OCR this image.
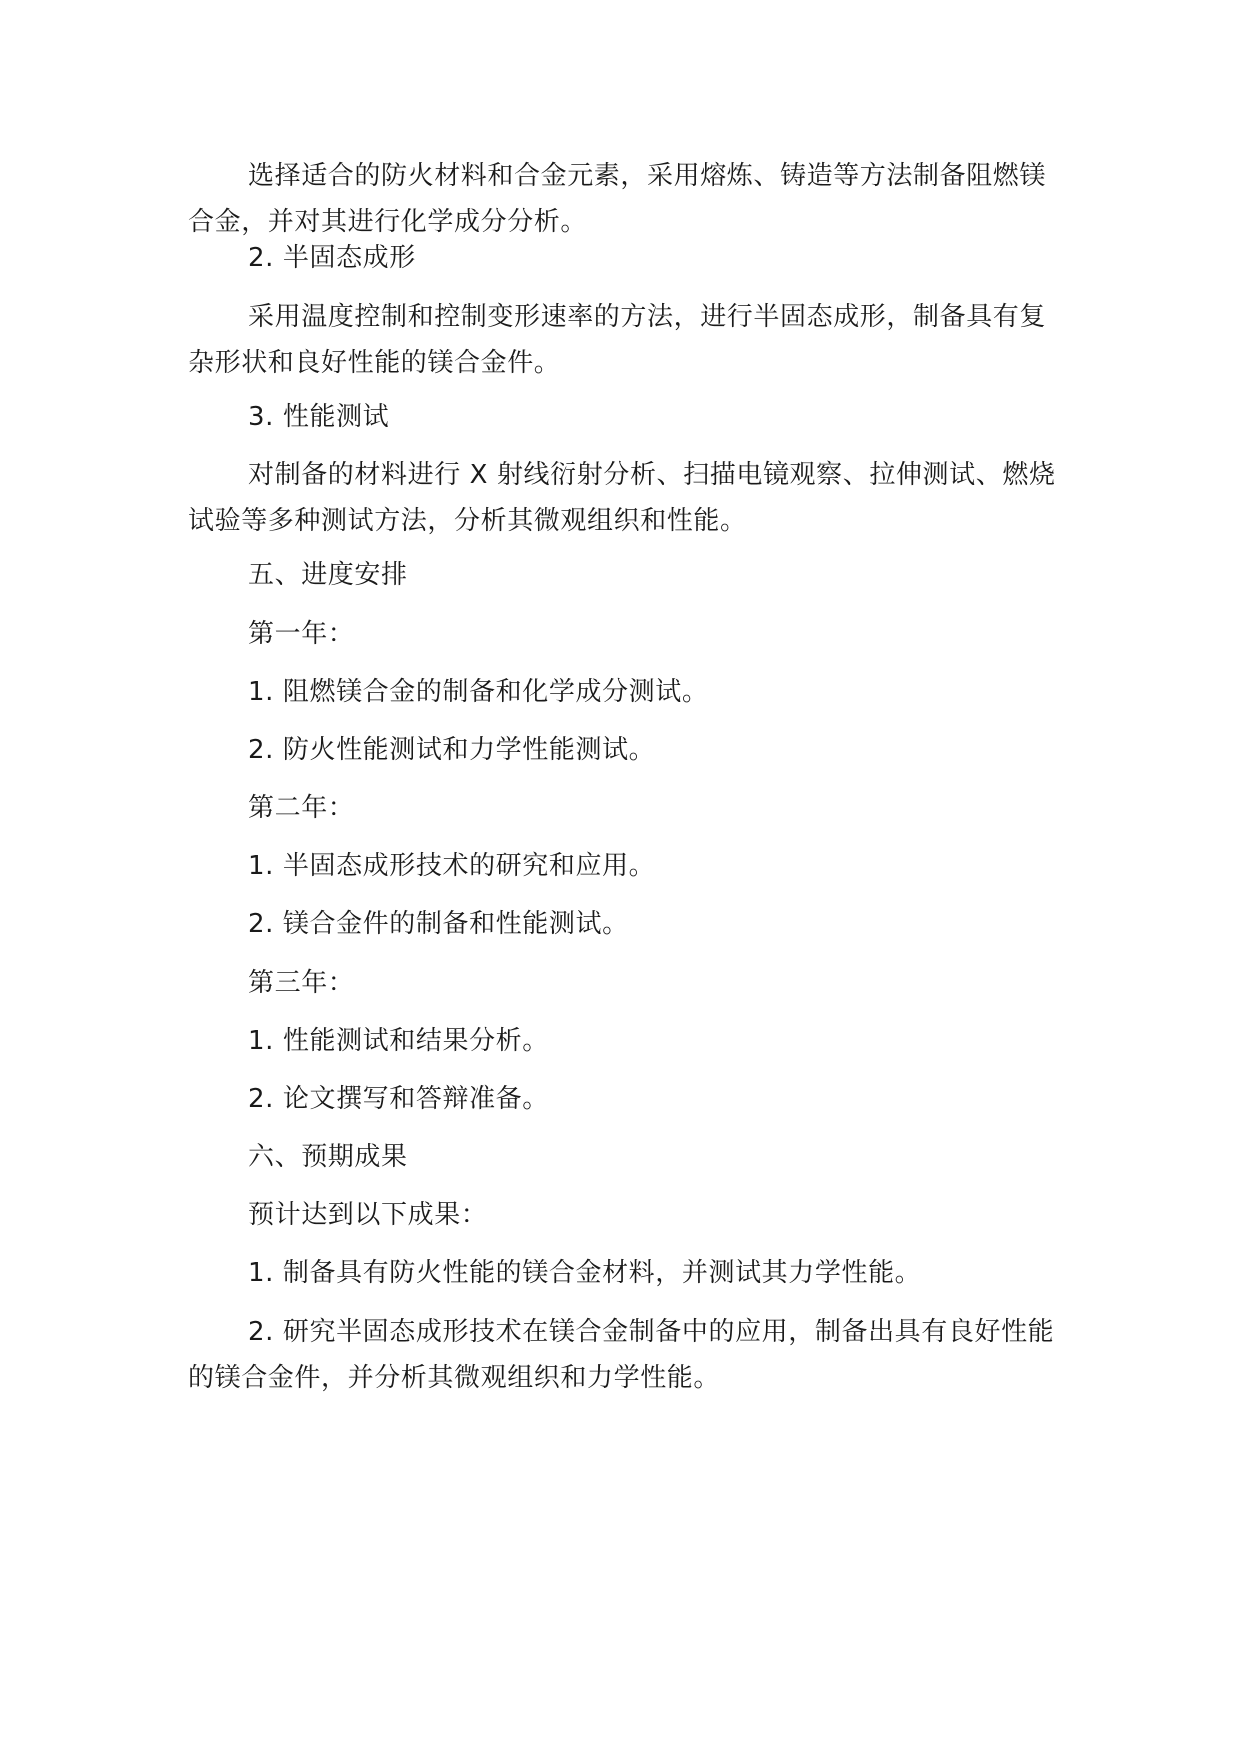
选择适合的防火材料和合金元素，采用熔炼、铸造等方法制备阻燃镁合金，并对其进行化学成分分析。

2. 半固态成形

采用温度控制和控制变形速率的方法，进行半固态成形，制备具有复杂形状和良好性能的镁合金件。

3. 性能测试

对制备的材料进行 X 射线衍射分析、扫描电镜观察、拉伸测试、燃烧试验等多种测试方法，分析其微观组织和性能。

五、进度安排

第一年：

1. 阻燃镁合金的制备和化学成分测试。

2. 防火性能测试和力学性能测试。

第二年：

1. 半固态成形技术的研究和应用。

2. 镁合金件的制备和性能测试。

第三年：

1. 性能测试和结果分析。

2. 论文撰写和答辩准备。

六、预期成果

预计达到以下成果：

1. 制备具有防火性能的镁合金材料，并测试其力学性能。

2. 研究半固态成形技术在镁合金制备中的应用，制备出具有良好性能的镁合金件，并分析其微观组织和力学性能。
